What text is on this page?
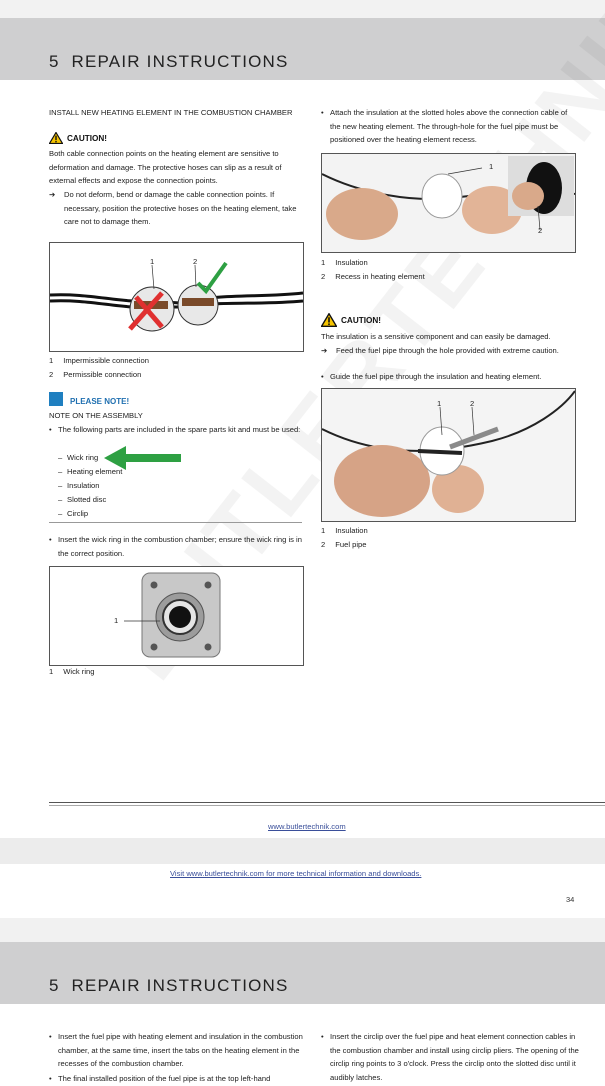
5 REPAIR INSTRUCTIONS
INSTALL NEW HEATING ELEMENT IN THE COMBUSTION CHAMBER
CAUTION!
Both cable connection points on the heating element are sensitive to deformation and damage. The protective hoses can slip as a result of external effects and expose the connection points.
➔	Do not deform, bend or damage the cable connection points. If necessary, position the protective hoses on the heating element, take care not to damage them.
1	2
1 Impermissible connection
2 Permissible connection
PLEASE NOTE!
NOTE ON THE ASSEMBLY
• The following parts are included in the spare parts kit and must be used:
– Wick ring
– Heating element
– Insulation
– Slotted disc
– Circlip
• Insert the wick ring in the combustion chamber; ensure the wick ring is in the correct position.
1
1 Wick ring
• Attach the insulation at the slotted holes above the connection cable of the new heating element. The through-hole for the fuel pipe must be positioned over the heating element recess.
1
2
1 Insulation
2 Recess in heating element
CAUTION!
The insulation is a sensitive component and can easily be damaged.
➔	Feed the fuel pipe through the hole provided with extreme caution.
• Guide the fuel pipe through the insulation and heating element.
1	2
1 Insulation
2 Fuel pipe
www.butlertechnik.com
Visit www.butlertechnik.com for more technical information and downloads.
34
5 REPAIR INSTRUCTIONS
• Insert the fuel pipe with heating element and insulation in the combustion chamber, at the same time, insert the tabs on the heating element in the recesses of the combustion chamber.
• The final installed position of the fuel pipe is at the top left-hand
• Insert the circlip over the fuel pipe and heat element connection cables in the combustion chamber and install using circlip pliers. The opening of the circlip ring points to 3 o'clock. Press the circlip onto the slotted disc until it audibly latches.
